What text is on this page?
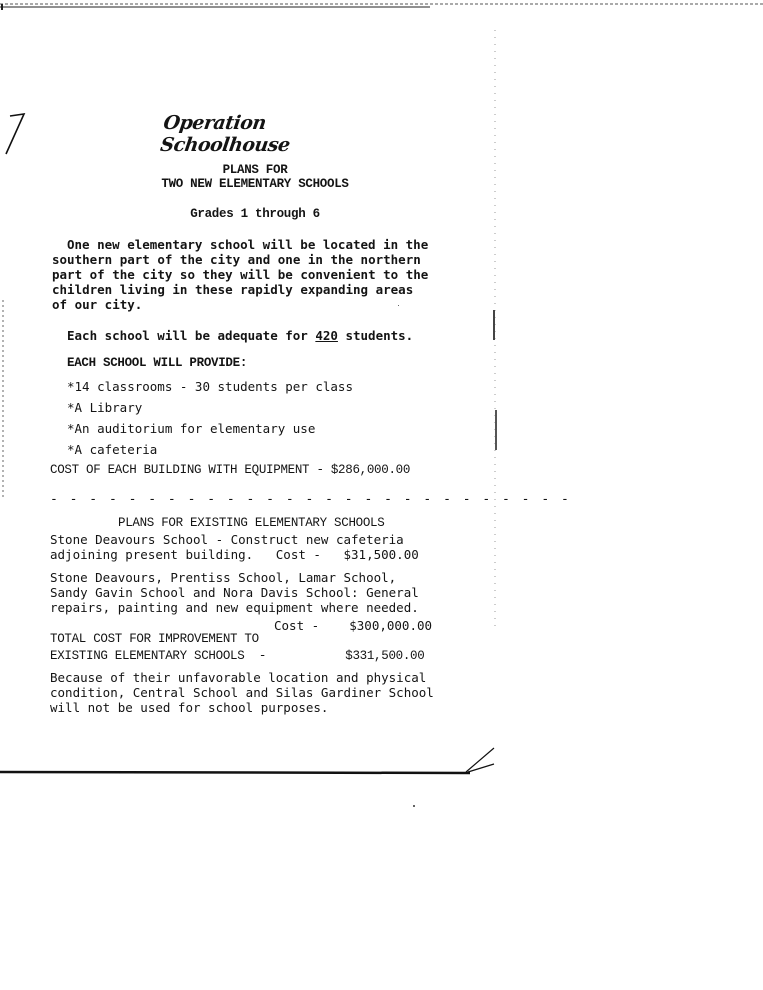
Operation Schoolhouse
PLANS FOR
TWO NEW ELEMENTARY SCHOOLS
Grades 1 through 6
One new elementary school will be located in the
southern part of the city and one in the northern
part of the city so they will be convenient to the
children living in these rapidly expanding areas
of our city.
Each school will be adequate for 420 students.
EACH SCHOOL WILL PROVIDE:
*14 classrooms - 30 students per class
*A Library
*An auditorium for elementary use
*A cafeteria
COST OF EACH BUILDING WITH EQUIPMENT - $286,000.00
- - - - - - - - - - - - - - - - - - - - - - - - - - -
PLANS FOR EXISTING ELEMENTARY SCHOOLS
Stone Deavours School - Construct new cafeteria
adjoining present building.   Cost -   $31,500.00
Stone Deavours, Prentiss School, Lamar School,
Sandy Gavin School and Nora Davis School: General
repairs, painting and new equipment where needed.
Cost -    $300,000.00
TOTAL COST FOR IMPROVEMENT TO
EXISTING ELEMENTARY SCHOOLS  -           $331,500.00
Because of their unfavorable location and physical
condition, Central School and Silas Gardiner School
will not be used for school purposes.
